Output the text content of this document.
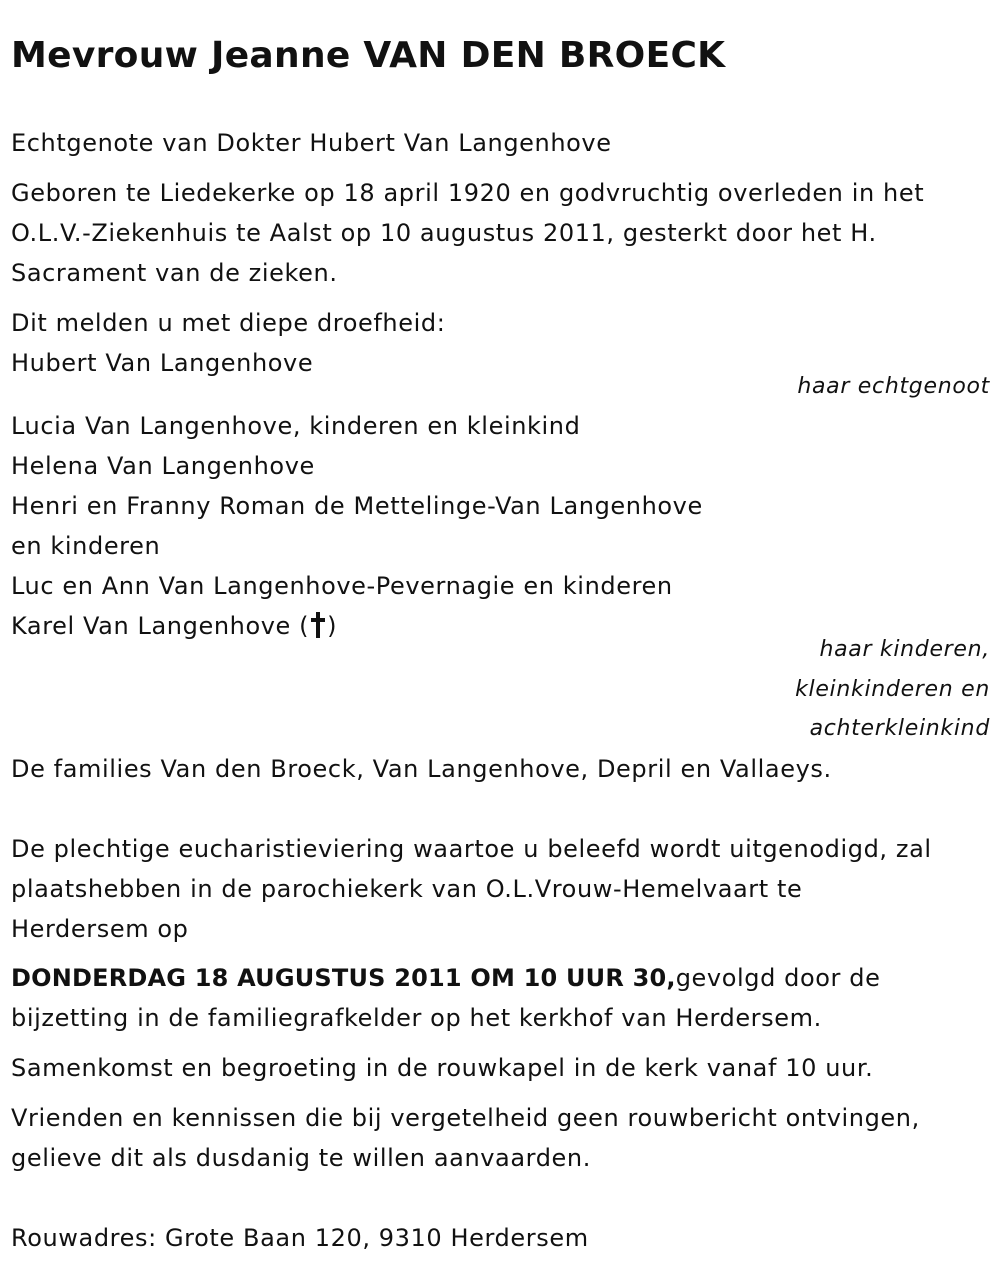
Mevrouw Jeanne VAN DEN BROECK

Echtgenote van Dokter Hubert Van Langenhove

Geboren te Liedekerke op 18 april 1920 en godvruchtig overleden in het

O.L.V.-Ziekenhuis te Aalst op 10 augustus 2011, gesterkt door het H.

Sacrament van de zieken.

Dit melden u met diepe droefheid:

Hubert Van Langenhove

haar echtgenoot

Lucia Van Langenhove, kinderen en kleinkind

Helena Van Langenhove

Henri en Franny Roman de Mettelinge-Van Langenhove

en kinderen

Luc en Ann Van Langenhove-Pevernagie en kinderen

Karel Van Langenhove ( )

haar kinderen,

kleinkinderen en

achterkleinkind

De families Van den Broeck, Van Langenhove, Depril en Vallaeys.

De plechtige eucharistieviering waartoe u beleefd wordt uitgenodigd, zal

plaatshebben in de parochiekerk van O.L.Vrouw-Hemelvaart te

Herdersem op

DONDERDAG 18 AUGUSTUS 2011 OM 10 UUR 30,gevolgd door de

bijzetting in de familiegrafkelder op het kerkhof van Herdersem.

Samenkomst en begroeting in de rouwkapel in de kerk vanaf 10 uur.

Vrienden en kennissen die bij vergetelheid geen rouwbericht ontvingen,

gelieve dit als dusdanig te willen aanvaarden.

Rouwadres: Grote Baan 120, 9310 Herdersem
